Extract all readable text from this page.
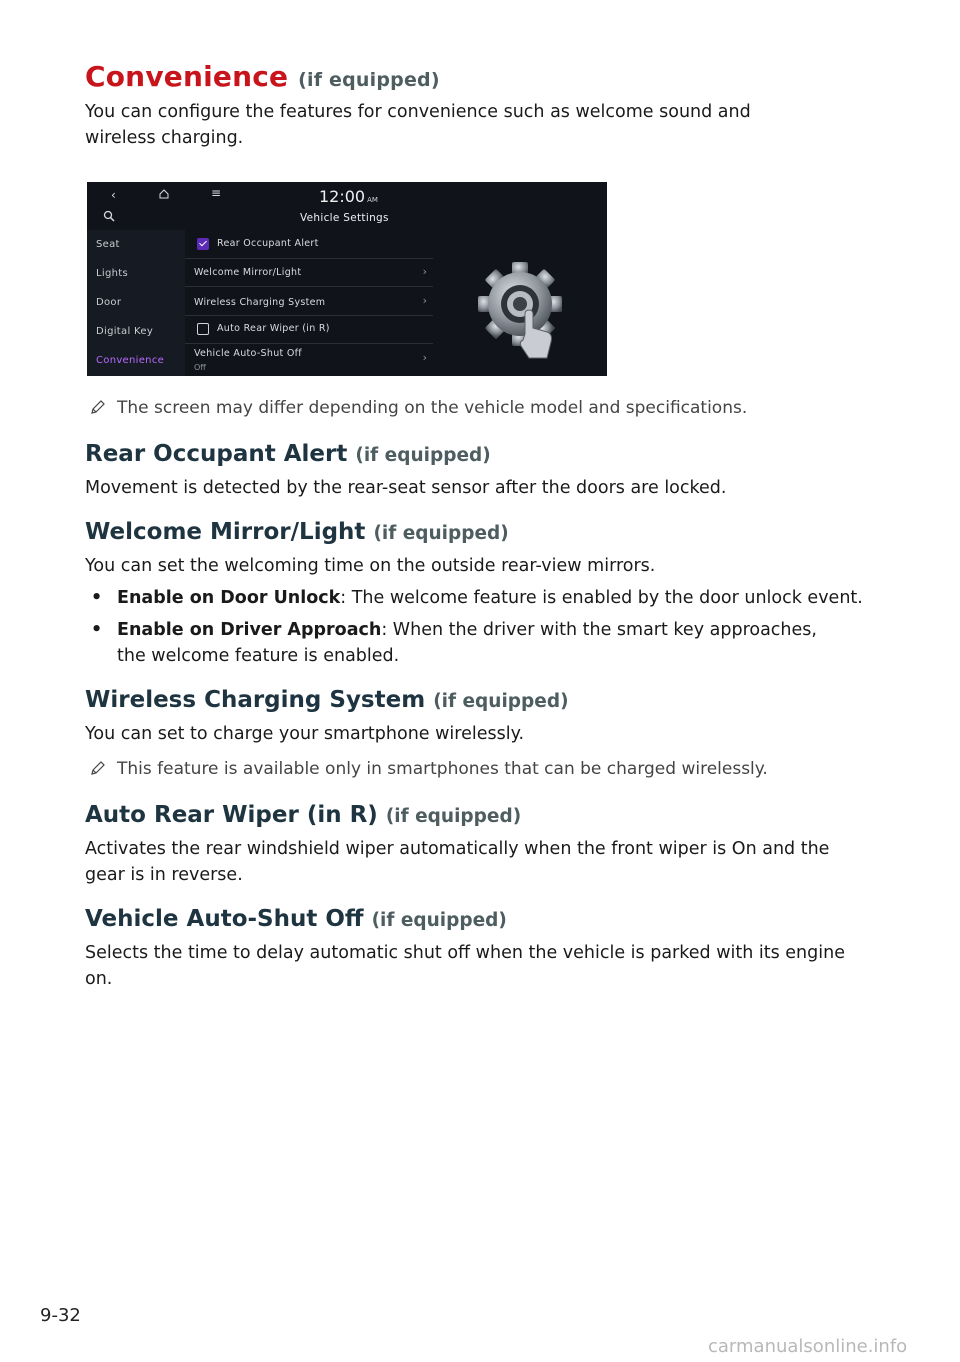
Convenience (if equipped)

You can configure the features for convenience such as welcome sound and wireless charging.

‹	≡	12:00 AM
Vehicle Settings
Seat
Lights
Door
Digital Key
Convenience
Rear Occupant Alert
Welcome Mirror/Light	›
Wireless Charging System	›
Auto Rear Wiper (in R)
Vehicle Auto-Shut Off
Off
›
The screen may differ depending on the vehicle model and specifications.
Rear Occupant Alert (if equipped)

Movement is detected by the rear-seat sensor after the doors are locked.

Welcome Mirror/Light (if equipped)

You can set the welcoming time on the outside rear-view mirrors.

• Enable on Door Unlock: The welcome feature is enabled by the door unlock event.
• Enable on Driver Approach: When the driver with the smart key approaches, the welcome feature is enabled.
Wireless Charging System (if equipped)

You can set to charge your smartphone wirelessly.

This feature is available only in smartphones that can be charged wirelessly.
Auto Rear Wiper (in R) (if equipped)

Activates the rear windshield wiper automatically when the front wiper is On and the gear is in reverse.

Vehicle Auto-Shut Off (if equipped)

Selects the time to delay automatic shut off when the vehicle is parked with its engine on.

9-32
carmanualsonline.info
